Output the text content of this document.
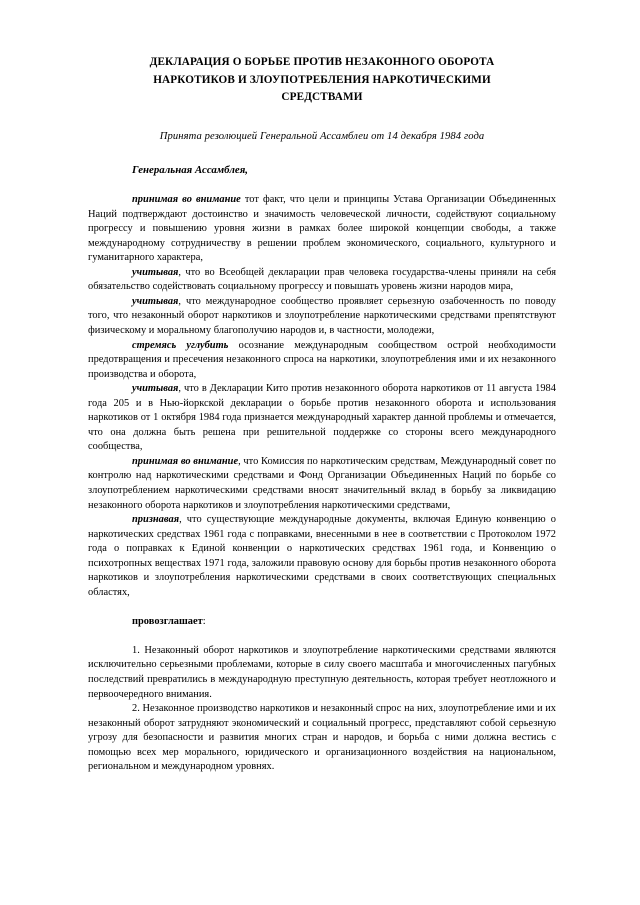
ДЕКЛАРАЦИЯ О БОРЬБЕ ПРОТИВ НЕЗАКОННОГО ОБОРОТА
НАРКОТИКОВ И ЗЛОУПОТРЕБЛЕНИЯ НАРКОТИЧЕСКИМИ
СРЕДСТВАМИ
Принята резолюцией Генеральной Ассамблеи от 14 декабря 1984 года
Генеральная Ассамблея,

принимая во внимание тот факт, что цели и принципы Устава Организации Объединенных Наций подтверждают достоинство и значимость человеческой личности, содействуют социальному прогрессу и повышению уровня жизни в рамках более широкой концепции свободы, а также международному сотрудничеству в решении проблем экономического, социального, культурного и гуманитарного характера,

учитывая, что во Всеобщей декларации прав человека государства-члены приняли на себя обязательство содействовать социальному прогрессу и повышать уровень жизни народов мира,

учитывая, что международное сообщество проявляет серьезную озабоченность по поводу того, что незаконный оборот наркотиков и злоупотребление наркотическими средствами препятствуют физическому и моральному благополучию народов и, в частности, молодежи,

стремясь углубить осознание международным сообществом острой необходимости предотвращения и пресечения незаконного спроса на наркотики, злоупотребления ими и их незаконного производства и оборота,

учитывая, что в Декларации Кито против незаконного оборота наркотиков от 11 августа 1984 года 205 и в Нью-йоркской декларации о борьбе против незаконного оборота и использования наркотиков от 1 октября 1984 года признается международный характер данной проблемы и отмечается, что она должна быть решена при решительной поддержке со стороны всего международного сообщества,

принимая во внимание, что Комиссия по наркотическим средствам, Международный совет по контролю над наркотическими средствами и Фонд Организации Объединенных Наций по борьбе со злоупотреблением наркотическими средствами вносят значительный вклад в борьбу за ликвидацию незаконного оборота наркотиков и злоупотребления наркотическими средствами,

признавая, что существующие международные документы, включая Единую конвенцию о наркотических средствах 1961 года с поправками, внесенными в нее в соответствии с Протоколом 1972 года о поправках к Единой конвенции о наркотических средствах 1961 года, и Конвенцию о психотропных веществах 1971 года, заложили правовую основу для борьбы против незаконного оборота наркотиков и злоупотребления наркотическими средствами в своих соответствующих специальных областях,

провозглашает:

1. Незаконный оборот наркотиков и злоупотребление наркотическими средствами являются исключительно серьезными проблемами, которые в силу своего масштаба и многочисленных пагубных последствий превратились в международную преступную деятельность, которая требует неотложного и первоочередного внимания.

2. Незаконное производство наркотиков и незаконный спрос на них, злоупотребление ими и их незаконный оборот затрудняют экономический и социальный прогресс, представляют собой серьезную угрозу для безопасности и развития многих стран и народов, и борьба с ними должна вестись с помощью всех мер морального, юридического и организационного воздействия на национальном, региональном и международном уровнях.
